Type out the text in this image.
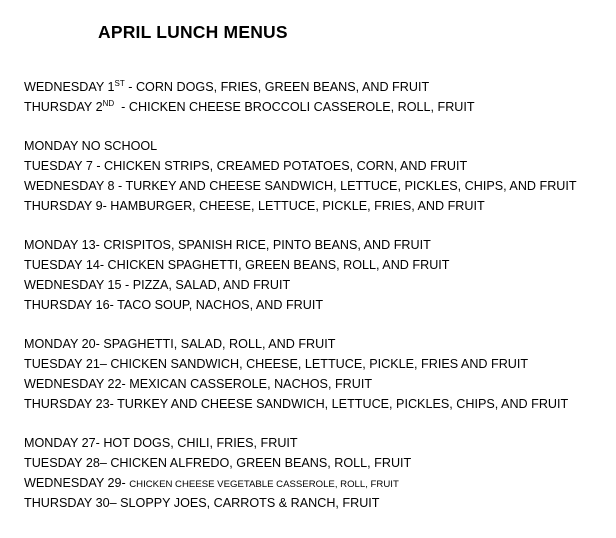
APRIL LUNCH MENUS
WEDNESDAY 1ST - CORN DOGS, FRIES, GREEN BEANS, AND FRUIT
THURSDAY 2ND  - CHICKEN CHEESE BROCCOLI CASSEROLE, ROLL, FRUIT
MONDAY NO SCHOOL
TUESDAY 7 - CHICKEN STRIPS, CREAMED POTATOES, CORN, AND FRUIT
WEDNESDAY 8 - TURKEY AND CHEESE SANDWICH, LETTUCE, PICKLES, CHIPS, AND FRUIT
THURSDAY 9- HAMBURGER, CHEESE, LETTUCE, PICKLE, FRIES, AND FRUIT
MONDAY 13- CRISPITOS, SPANISH RICE, PINTO BEANS, AND FRUIT
TUESDAY 14- CHICKEN SPAGHETTI, GREEN BEANS, ROLL, AND FRUIT
WEDNESDAY 15 - PIZZA, SALAD, AND FRUIT
THURSDAY 16- TACO SOUP, NACHOS, AND FRUIT
MONDAY 20- SPAGHETTI, SALAD, ROLL, AND FRUIT
TUESDAY 21– CHICKEN SANDWICH, CHEESE, LETTUCE, PICKLE, FRIES AND FRUIT
WEDNESDAY 22- MEXICAN CASSEROLE, NACHOS, FRUIT
THURSDAY 23- TURKEY AND CHEESE SANDWICH, LETTUCE, PICKLES, CHIPS, AND FRUIT
MONDAY 27- HOT DOGS, CHILI, FRIES, FRUIT
TUESDAY 28– CHICKEN ALFREDO, GREEN BEANS, ROLL, FRUIT
WEDNESDAY 29- CHICKEN CHEESE VEGETABLE CASSEROLE, ROLL, FRUIT
THURSDAY 30– SLOPPY JOES, CARROTS & RANCH, FRUIT
